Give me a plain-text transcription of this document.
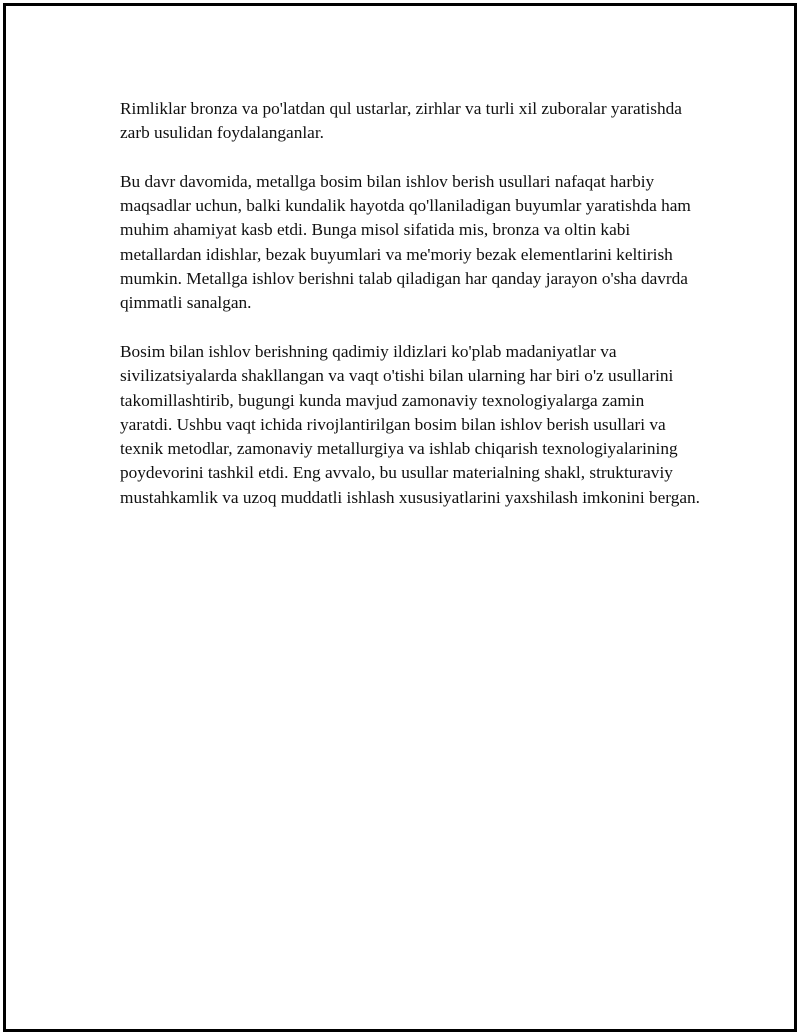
Rimliklar bronza va po'latdan qul ustarlar, zirhlar va turli xil zuboralar yaratishda zarb usulidan foydalanganlar.

Bu davr davomida, metallga bosim bilan ishlov berish usullari nafaqat harbiy maqsadlar uchun, balki kundalik hayotda qo'llaniladigan buyumlar yaratishda ham muhim ahamiyat kasb etdi. Bunga misol sifatida mis, bronza va oltin kabi metallardan idishlar, bezak buyumlari va me'moriy bezak elementlarini keltirish mumkin. Metallga ishlov berishni talab qiladigan har qanday jarayon o'sha davrda qimmatli sanalgan.

Bosim bilan ishlov berishning qadimiy ildizlari ko'plab madaniyatlar va sivilizatsiyalarda shakllangan va vaqt o'tishi bilan ularning har biri o'z usullarini takomillashtirib, bugungi kunda mavjud zamonaviy texnologiyalarga zamin yaratdi. Ushbu vaqt ichida rivojlantirilgan bosim bilan ishlov berish usullari va texnik metodlar, zamonaviy metallurgiya va ishlab chiqarish texnologiyalarining poydevorini tashkil etdi. Eng avvalo, bu usullar materialning shakl, strukturaviy mustahkamlik va uzoq muddatli ishlash xususiyatlarini yaxshilash imkonini bergan.
